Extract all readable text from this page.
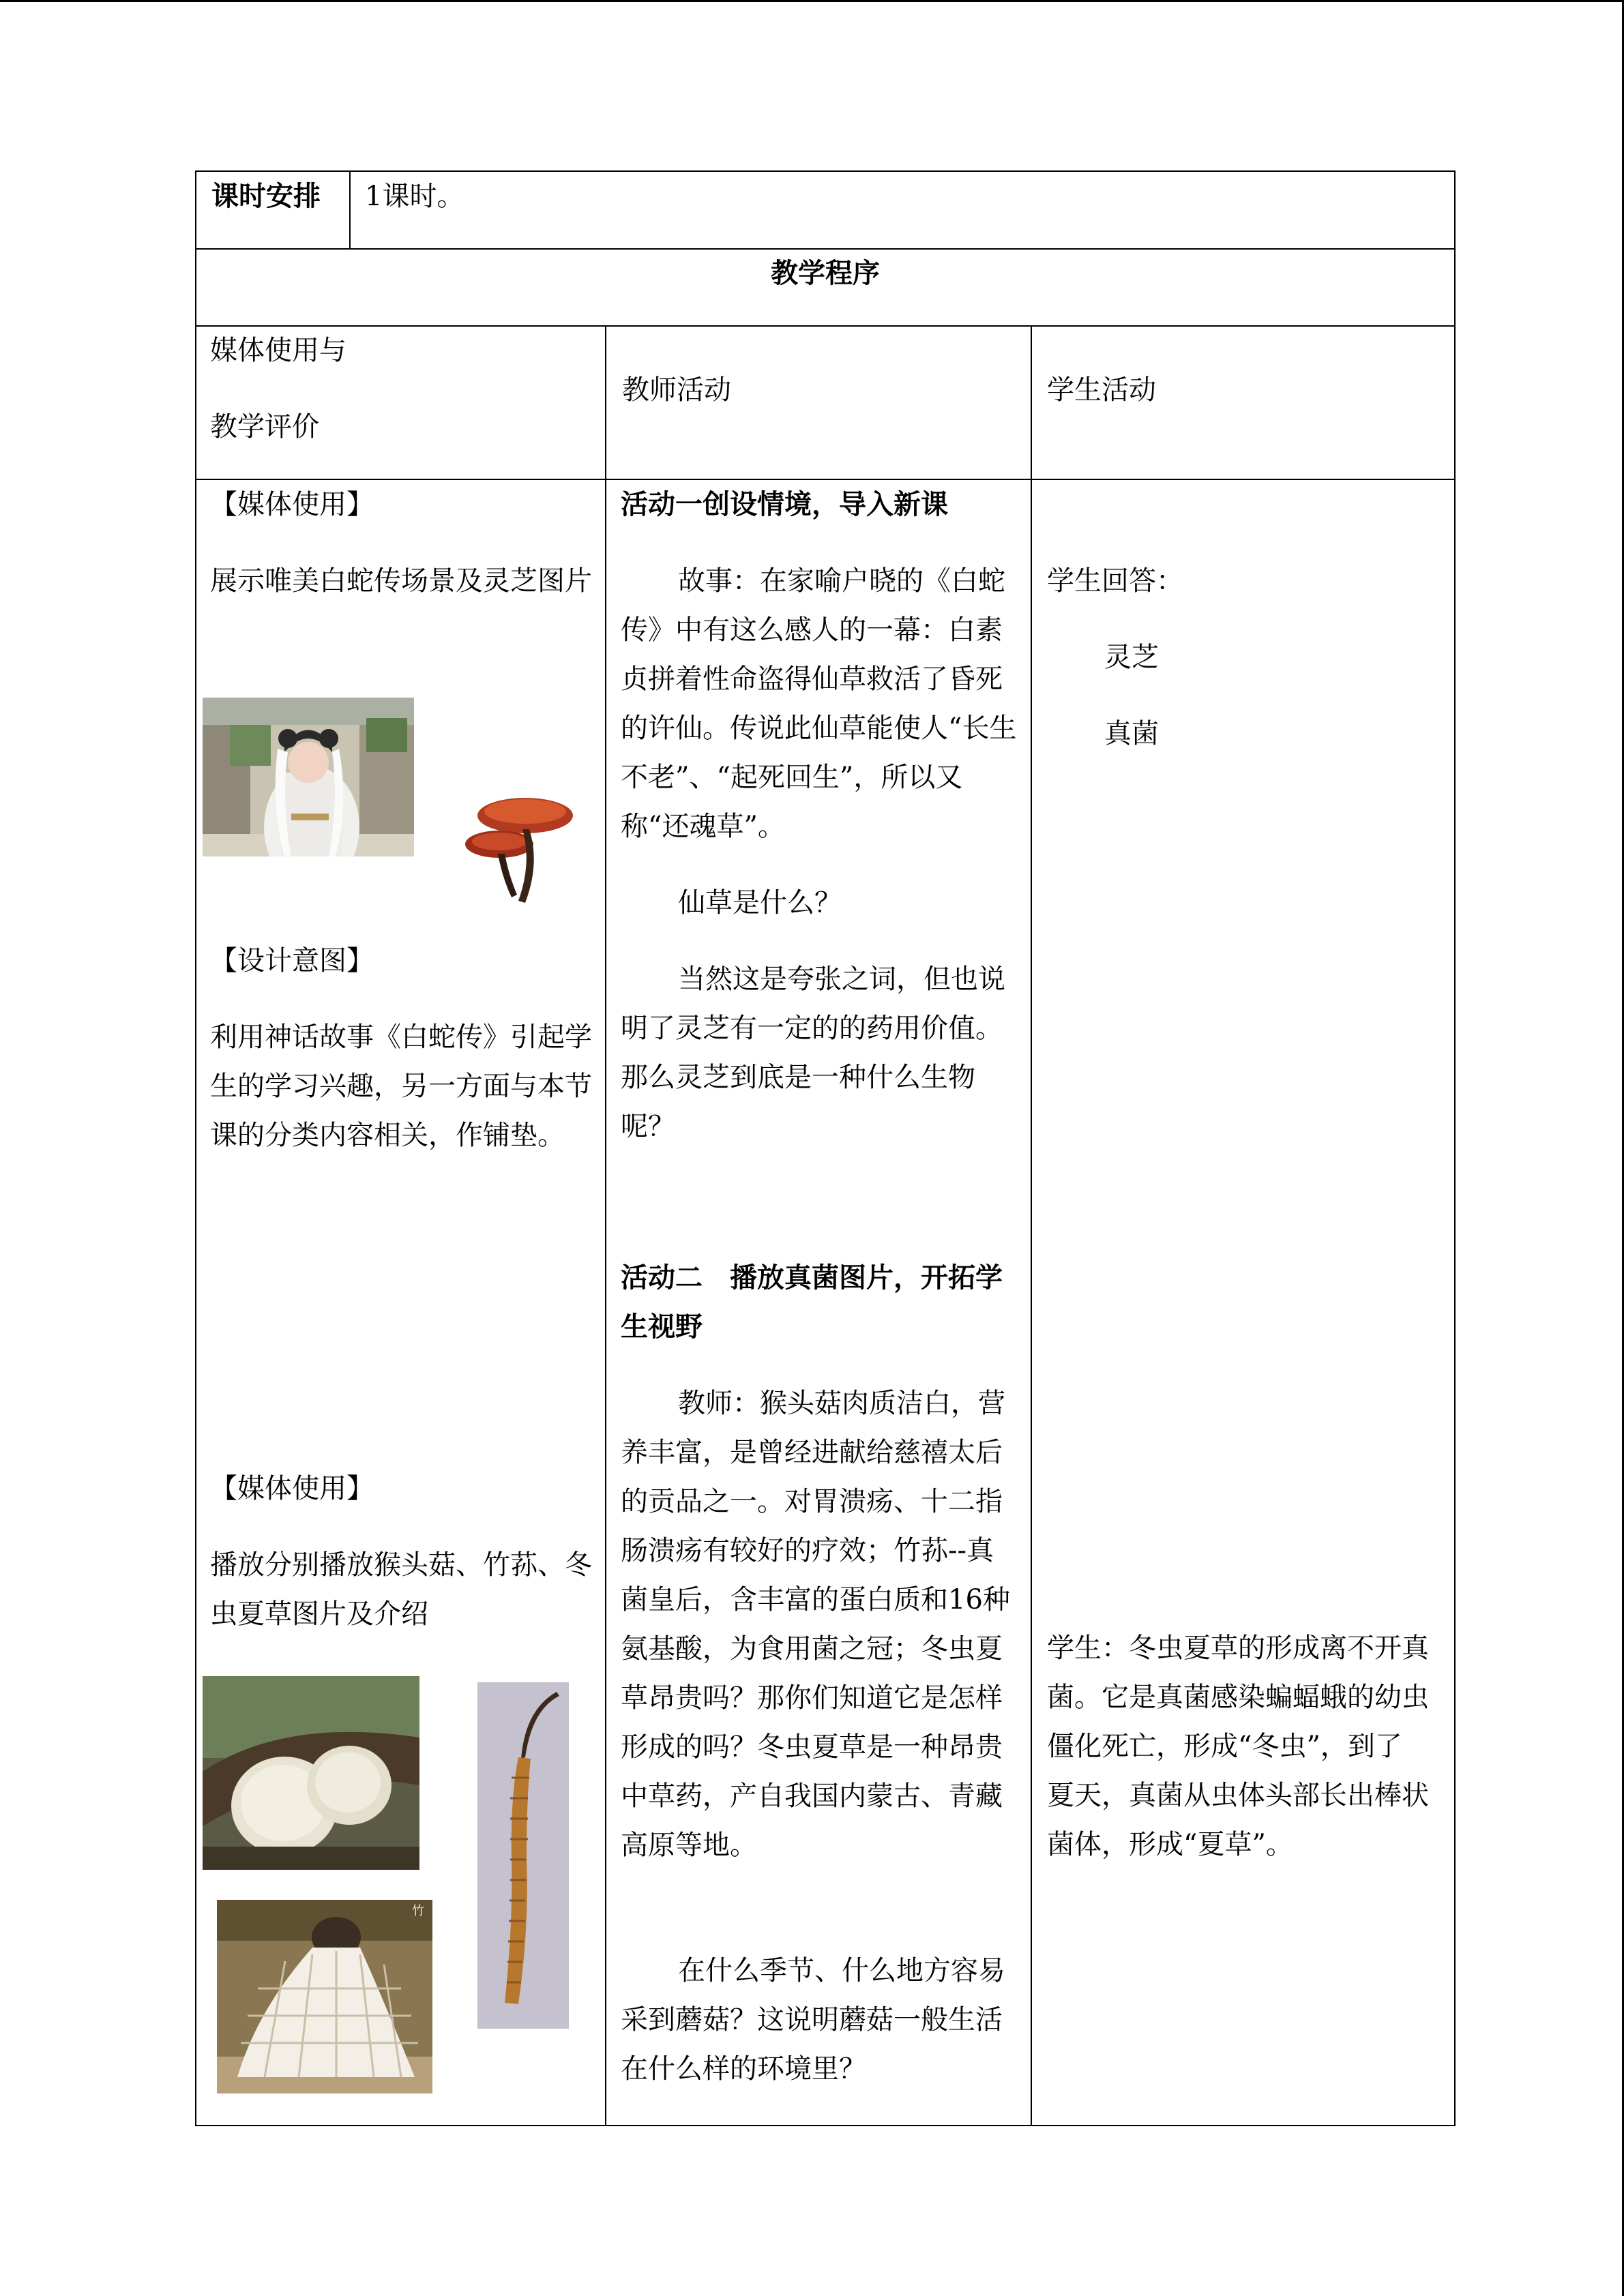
课时安排	1课时。
教学程序
媒体使用与
教学评价
教师活动	学生活动
【媒体使用】
展示唯美白蛇传场景及灵芝图片
【设计意图】
利用神话故事《白蛇传》引起学生的学习兴趣，另一方面与本节课的分类内容相关，作铺垫。
【媒体使用】
播放分别播放猴头菇、竹荪、冬虫夏草图片及介绍
竹
活动一创设情境，导入新课

故事：在家喻户晓的《白蛇传》中有这么感人的一幕：白素贞拼着性命盗得仙草救活了昏死的许仙。传说此仙草能使人“长生不老”、“起死回生”，所以又称“还魂草”。

仙草是什么？

当然这是夸张之词，但也说明了灵芝有一定的的药用价值。那么灵芝到底是一种什么生物呢？

活动二　播放真菌图片，开拓学生视野

教师：猴头菇肉质洁白，营养丰富，是曾经进献给慈禧太后的贡品之一。对胃溃疡、十二指肠溃疡有较好的疗效；竹荪--真菌皇后，含丰富的蛋白质和16种氨基酸，为食用菌之冠；冬虫夏草昂贵吗？那你们知道它是怎样形成的吗？冬虫夏草是一种昂贵中草药，产自我国内蒙古、青藏高原等地。

在什么季节、什么地方容易采到蘑菇？这说明蘑菇一般生活在什么样的环境里？

学生回答：
灵芝
真菌
学生：冬虫夏草的形成离不开真菌。它是真菌感染蝙蝠蛾的幼虫僵化死亡，形成“冬虫”，到了夏天，真菌从虫体头部长出棒状菌体，形成“夏草”。
